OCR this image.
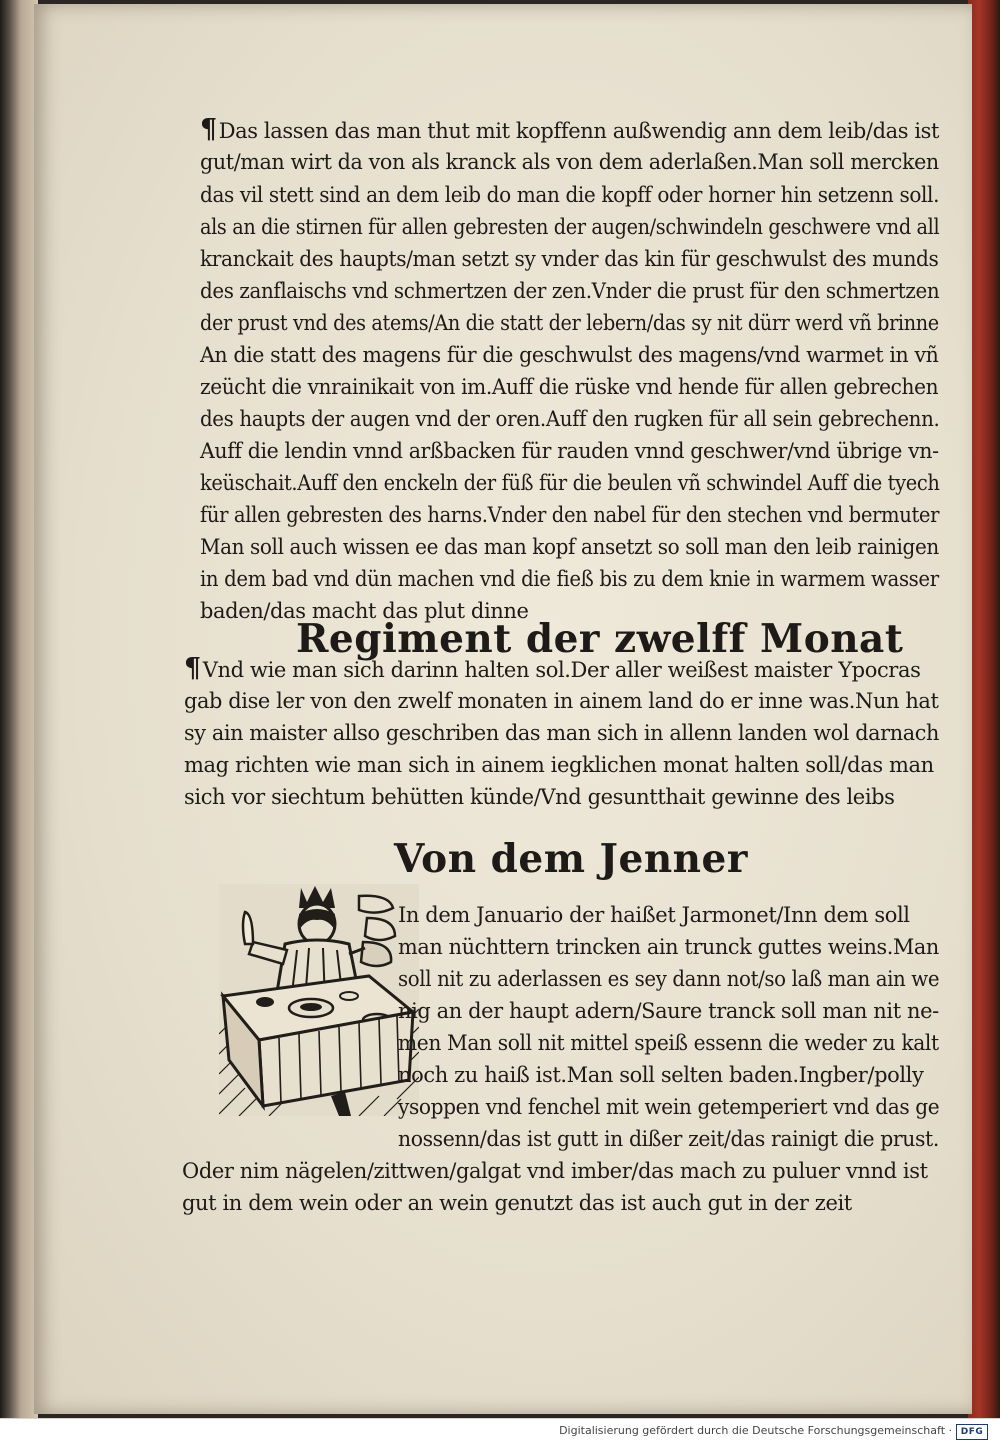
¶Das lassen das man thut mit kopffenn außwendig ann dem leib/das ist
gut/man wirt da von als kranck als von dem aderlaßen.Man soll mercken
das vil stett sind an dem leib do man die kopff oder horner hin setzenn soll.
als an die stirnen für allen gebresten der augen/schwindeln geschwere vnd all
kranckait des haupts/man setzt sy vnder das kin für geschwulst des munds
des zanflaischs vnd schmertzen der zen.Vnder die prust für den schmertzen
der prust vnd des atems/An die statt der lebern/das sy nit dürr werd vñ brinne
An die statt des magens für die geschwulst des magens/vnd warmet in vñ
zeücht die vnrainikait von im.Auff die rüske vnd hende für allen gebrechen
des haupts der augen vnd der oren.Auff den rugken für all sein gebrechenn.
Auff die lendin vnnd arßbacken für rauden vnnd geschwer/vnd übrige vn-
keüschait.Auff den enckeln der füß für die beulen vñ schwindel Auff die tyech
für allen gebresten des harns.Vnder den nabel für den stechen vnd bermuter
Man soll auch wissen ee das man kopf ansetzt so soll man den leib rainigen
in dem bad vnd dün machen vnd die fieß bis zu dem knie in warmem wasser
baden/das macht das plut dinne
Regiment der zwelff Monat
¶Vnd wie man sich darinn halten sol.Der aller weißest maister Ypocras
gab dise ler von den zwelf monaten in ainem land do er inne was.Nun hat
sy ain maister allso geschriben das man sich in allenn landen wol darnach
mag richten wie man sich in ainem iegklichen monat halten soll/das man
sich vor siechtum behütten künde/Vnd gesuntthait gewinne des leibs
Von dem Jenner
In dem Januario der haißet Jarmonet/Inn dem soll
man nüchttern trincken ain trunck guttes weins.Man
soll nit zu aderlassen es sey dann not/so laß man ain we
nig an der haupt adern/Saure tranck soll man nit ne-
men Man soll nit mittel speiß essenn die weder zu kalt
noch zu haiß ist.Man soll selten baden.Ingber/polly
ysoppen vnd fenchel mit wein getemperiert vnd das ge
nossenn/das ist gutt in dißer zeit/das rainigt die prust.
Oder nim nägelen/zittwen/galgat vnd imber/das mach zu puluer vnnd ist
gut in dem wein oder an wein genutzt das ist auch gut in der zeit
Digitalisierung gefördert durch die Deutsche Forschungsgemeinschaft · DFG
